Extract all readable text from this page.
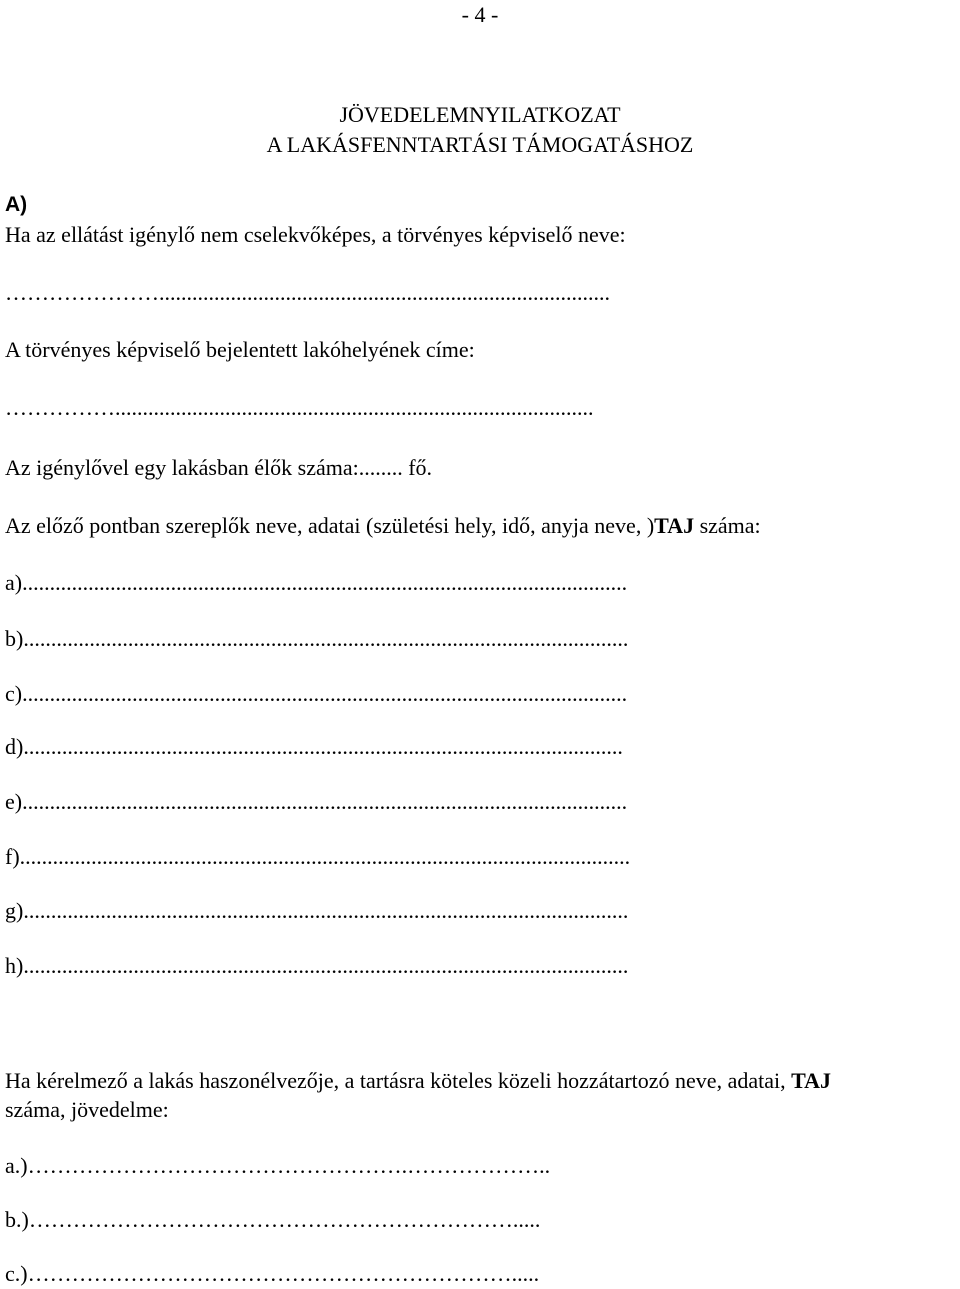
- 4 -
JÖVEDELEMNYILATKOZAT
A LAKÁSFENNTARTÁSI TÁMOGATÁSHOZ
A)
Ha az ellátást igénylő nem cselekvőképes, a törvényes képviselő neve:
…………………..................................................................................
A törvényes képviselő bejelentett lakóhelyének címe:
…………….......................................................................................
Az igénylővel egy lakásban élők száma:........ fő.
Az előző pontban szereplők neve, adatai (születési hely, idő, anyja neve, )TAJ száma:
a)..............................................................................................................
b)..............................................................................................................
c)..............................................................................................................
d).............................................................................................................
e)..............................................................................................................
f)...............................................................................................................
g)..............................................................................................................
h)..............................................................................................................
Ha kérelmező a lakás haszonélvezője, a tartásra köteles közeli hozzátartozó neve, adatai, TAJ
száma, jövedelme:
a.)…………………………………………….………………..
b.)………………………………………………………….....
c.)………………………………………………………….....
